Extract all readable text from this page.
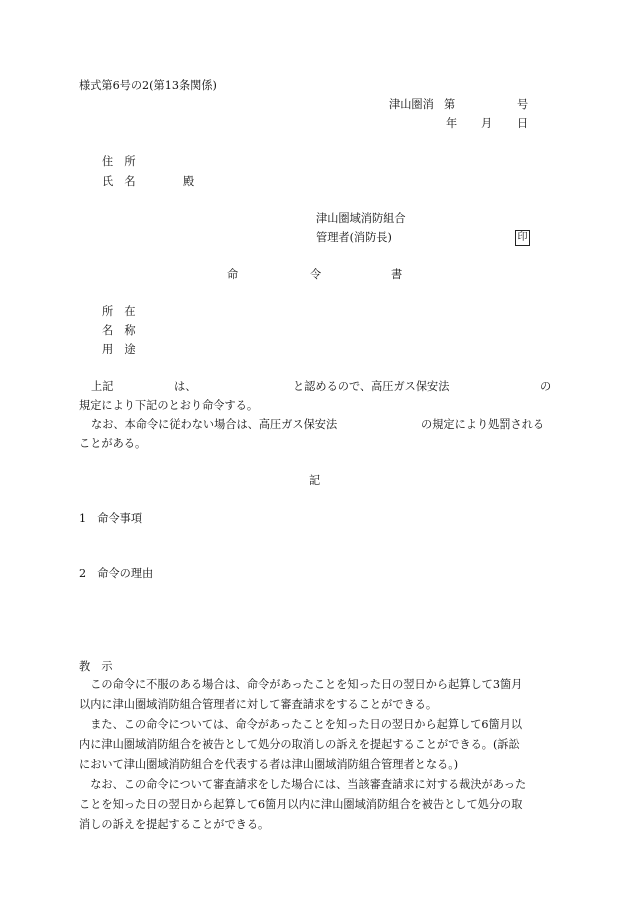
様式第6号の2(第13条関係)
津山圏消 第	号
年 月 日
住　所
氏　名	殿
津山圏域消防組合
管理者(消防長)	印
命	令	書
所　在
名　称
用　途
上記	は、	と認めるので、高圧ガス保安法	の
規定により下記のとおり命令する。
なお、本命令に従わない場合は、高圧ガス保安法	の規定により処罰される
ことがある。
記
1　命令事項
2　命令の理由
教　示
　この命令に不服のある場合は、命令があったことを知った日の翌日から起算して3箇月
以内に津山圏域消防組合管理者に対して審査請求をすることができる。
　また、この命令については、命令があったことを知った日の翌日から起算して6箇月以
内に津山圏域消防組合を被告として処分の取消しの訴えを提起することができる。(訴訟
において津山圏域消防組合を代表する者は津山圏域消防組合管理者となる。)
　なお、この命令について審査請求をした場合には、当該審査請求に対する裁決があった
ことを知った日の翌日から起算して6箇月以内に津山圏域消防組合を被告として処分の取
消しの訴えを提起することができる。
